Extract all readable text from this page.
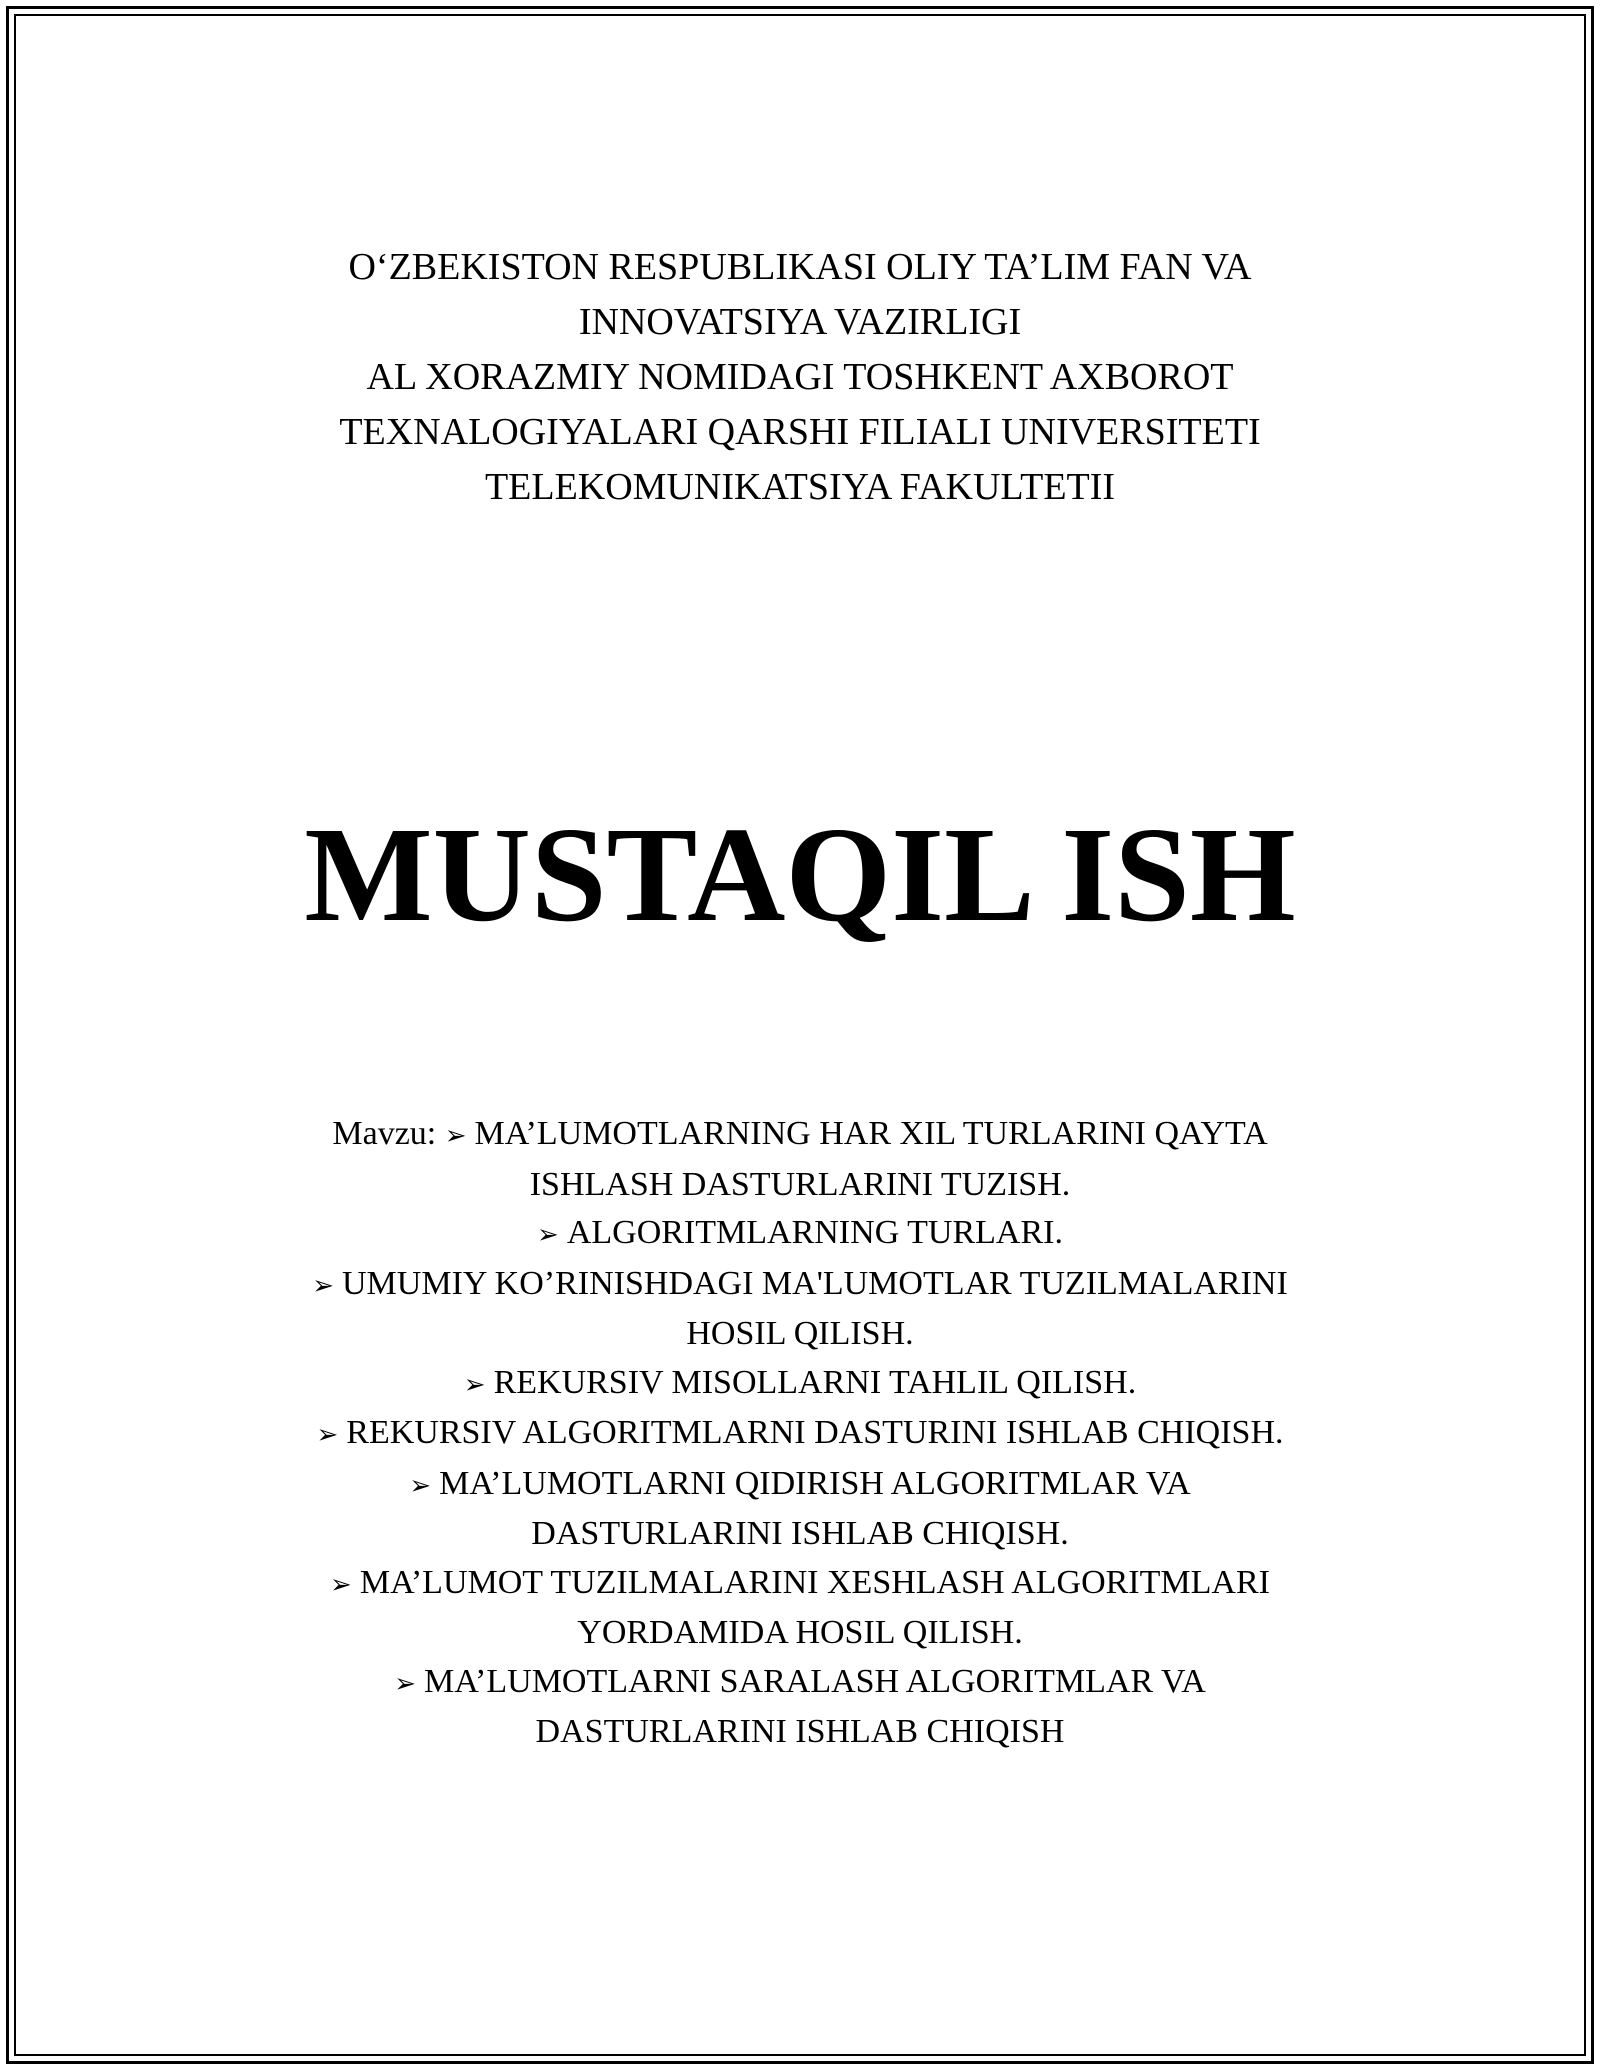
O‘ZBEKISTON RESPUBLIKASI OLIY TA’LIM FAN VA
INNOVATSIYA VAZIRLIGI
AL XORAZMIY NOMIDAGI TOSHKENT AXBOROT
TEXNALOGIYALARI QARSHI FILIALI UNIVERSITETI
TELEKOMUNIKATSIYA FAKULTETII
MUSTAQIL ISH
Mavzu: ➢ MA’LUMOTLARNING HAR XIL TURLARINI QAYTA
ISHLASH DASTURLARINI TUZISH.
➢ ALGORITMLARNING TURLARI.
➢ UMUMIY KO’RINISHDAGI MA'LUMOTLAR TUZILMALARINI
HOSIL QILISH.
➢ REKURSIV MISOLLARNI TAHLIL QILISH.
➢ REKURSIV ALGORITMLARNI DASTURINI ISHLAB CHIQISH.
➢ MA’LUMOTLARNI QIDIRISH ALGORITMLAR VA
DASTURLARINI ISHLAB CHIQISH.
➢ MA’LUMOT TUZILMALARINI XESHLASH ALGORITMLARI
YORDAMIDA HOSIL QILISH.
➢ MA’LUMOTLARNI SARALASH ALGORITMLAR VA
DASTURLARINI ISHLAB CHIQISH
